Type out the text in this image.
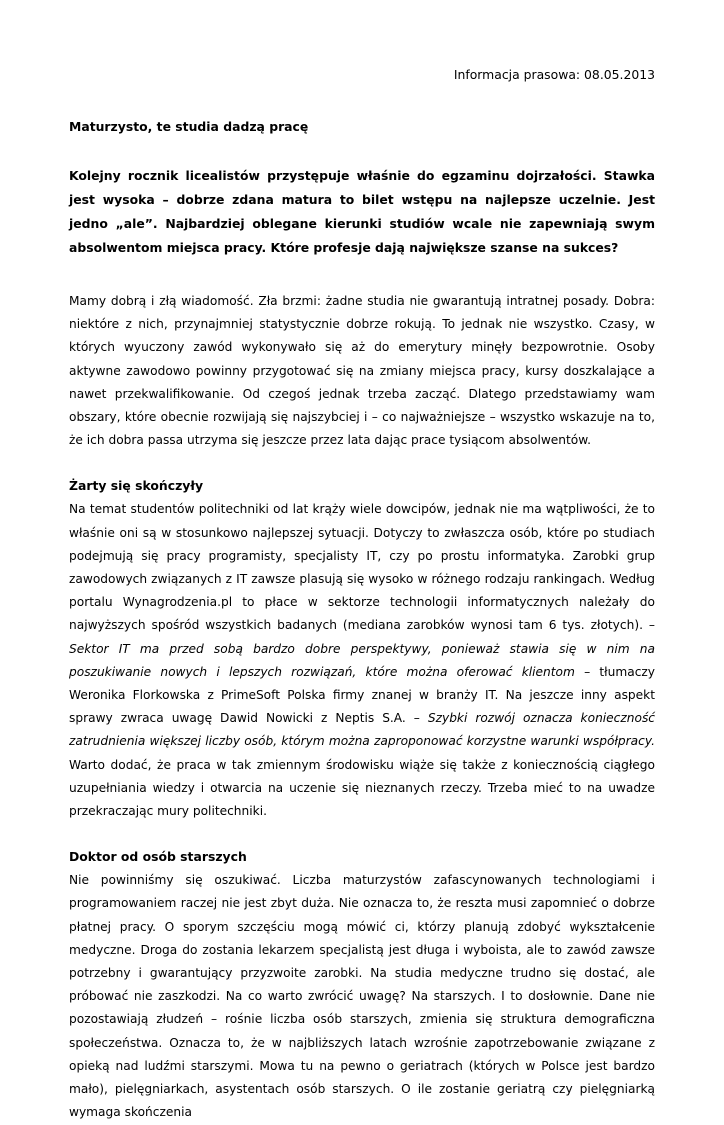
Informacja prasowa: 08.05.2013

Maturzysto, te studia dadzą pracę

Kolejny rocznik licealistów przystępuje właśnie do egzaminu dojrzałości. Stawka jest wysoka – dobrze zdana matura to bilet wstępu na najlepsze uczelnie. Jest jedno „ale”. Najbardziej oblegane kierunki studiów wcale nie zapewniają swym absolwentom miejsca pracy. Które profesje dają największe szanse na sukces?

Mamy dobrą i złą wiadomość. Zła brzmi: żadne studia nie gwarantują intratnej posady. Dobra: niektóre z nich, przynajmniej statystycznie dobrze rokują. To jednak nie wszystko. Czasy, w których wyuczony zawód wykonywało się aż do emerytury minęły bezpowrotnie. Osoby aktywne zawodowo powinny przygotować się na zmiany miejsca pracy, kursy doszkalające a nawet przekwalifikowanie. Od czegoś jednak trzeba zacząć. Dlatego przedstawiamy wam obszary, które obecnie rozwijają się najszybciej i – co najważniejsze – wszystko wskazuje na to, że ich dobra passa utrzyma się jeszcze przez lata dając prace tysiącom absolwentów.

Żarty się skończyły

Na temat studentów politechniki od lat krąży wiele dowcipów, jednak nie ma wątpliwości, że to właśnie oni są w stosunkowo najlepszej sytuacji. Dotyczy to zwłaszcza osób, które po studiach podejmują się pracy programisty, specjalisty IT, czy po prostu informatyka. Zarobki grup zawodowych związanych z IT zawsze plasują się wysoko w różnego rodzaju rankingach. Według portalu Wynagrodzenia.pl to płace w sektorze technologii informatycznych należały do najwyższych spośród wszystkich badanych (mediana zarobków wynosi tam 6 tys. złotych). – Sektor IT ma przed sobą bardzo dobre perspektywy, ponieważ stawia się w nim na poszukiwanie nowych i lepszych rozwiązań, które można oferować klientom – tłumaczy Weronika Florkowska z PrimeSoft Polska firmy znanej w branży IT. Na jeszcze inny aspekt sprawy zwraca uwagę Dawid Nowicki z Neptis S.A. – Szybki rozwój oznacza konieczność zatrudnienia większej liczby osób, którym można zaproponować korzystne warunki współpracy. Warto dodać, że praca w tak zmiennym środowisku wiąże się także z koniecznością ciągłego uzupełniania wiedzy i otwarcia na uczenie się nieznanych rzeczy. Trzeba mieć to na uwadze przekraczając mury politechniki.

Doktor od osób starszych

Nie powinniśmy się oszukiwać. Liczba maturzystów zafascynowanych technologiami i programowaniem raczej nie jest zbyt duża. Nie oznacza to, że reszta musi zapomnieć o dobrze płatnej pracy. O sporym szczęściu mogą mówić ci, którzy planują zdobyć wykształcenie medyczne. Droga do zostania lekarzem specjalistą jest długa i wyboista, ale to zawód zawsze potrzebny i gwarantujący przyzwoite zarobki. Na studia medyczne trudno się dostać, ale próbować nie zaszkodzi. Na co warto zwrócić uwagę? Na starszych. I to dosłownie. Dane nie pozostawiają złudzeń – rośnie liczba osób starszych, zmienia się struktura demograficzna społeczeństwa. Oznacza to, że w najbliższych latach wzrośnie zapotrzebowanie związane z opieką nad ludźmi starszymi. Mowa tu na pewno o geriatrach (których w Polsce jest bardzo mało), pielęgniarkach, asystentach osób starszych. O ile zostanie geriatrą czy pielęgniarką wymaga skończenia
